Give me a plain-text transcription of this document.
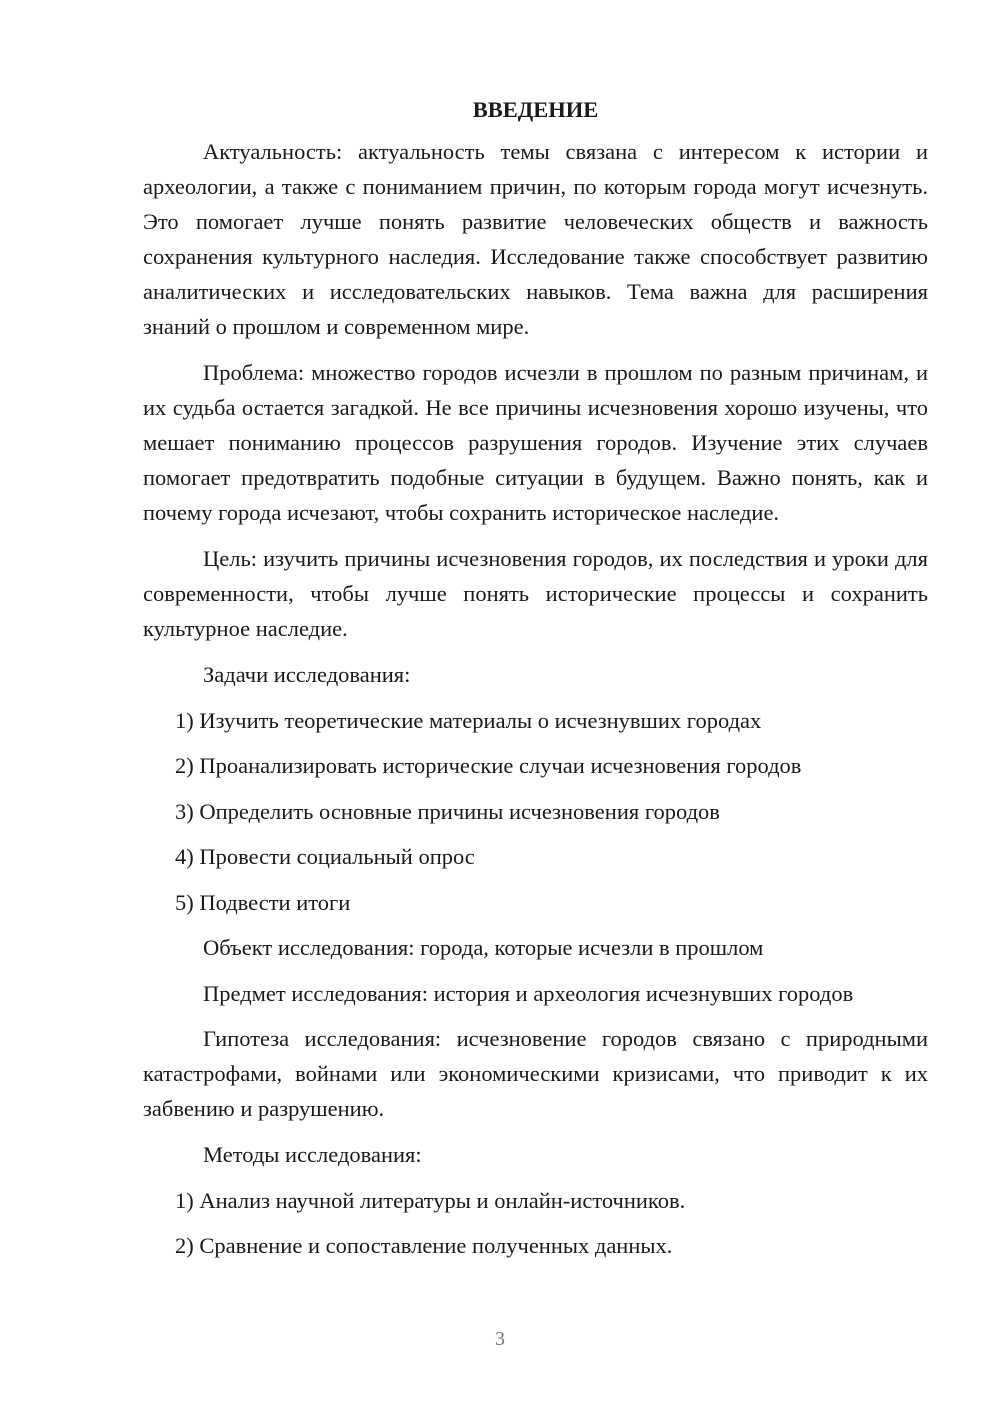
ВВЕДЕНИЕ

Актуальность: актуальность темы связана с интересом к истории и археологии, а также с пониманием причин, по которым города могут исчезнуть. Это помогает лучше понять развитие человеческих обществ и важность сохранения культурного наследия. Исследование также способствует развитию аналитических и исследовательских навыков. Тема важна для расширения знаний о прошлом и современном мире.

Проблема: множество городов исчезли в прошлом по разным причинам, и их судьба остается загадкой. Не все причины исчезновения хорошо изучены, что мешает пониманию процессов разрушения городов. Изучение этих случаев помогает предотвратить подобные ситуации в будущем. Важно понять, как и почему города исчезают, чтобы сохранить историческое наследие.

Цель: изучить причины исчезновения городов, их последствия и уроки для современности, чтобы лучше понять исторические процессы и сохранить культурное наследие.

Задачи исследования:
1) Изучить теоретические материалы о исчезнувших городах
2) Проанализировать исторические случаи исчезновения городов
3) Определить основные причины исчезновения городов
4) Провести социальный опрос
5) Подвести итоги
Объект исследования: города, которые исчезли в прошлом
Предмет исследования: история и археология исчезнувших городов

Гипотеза исследования: исчезновение городов связано с природными катастрофами, войнами или экономическими кризисами, что приводит к их забвению и разрушению.

Методы исследования:
1) Анализ научной литературы и онлайн-источников.
2) Сравнение и сопоставление полученных данных.
3
